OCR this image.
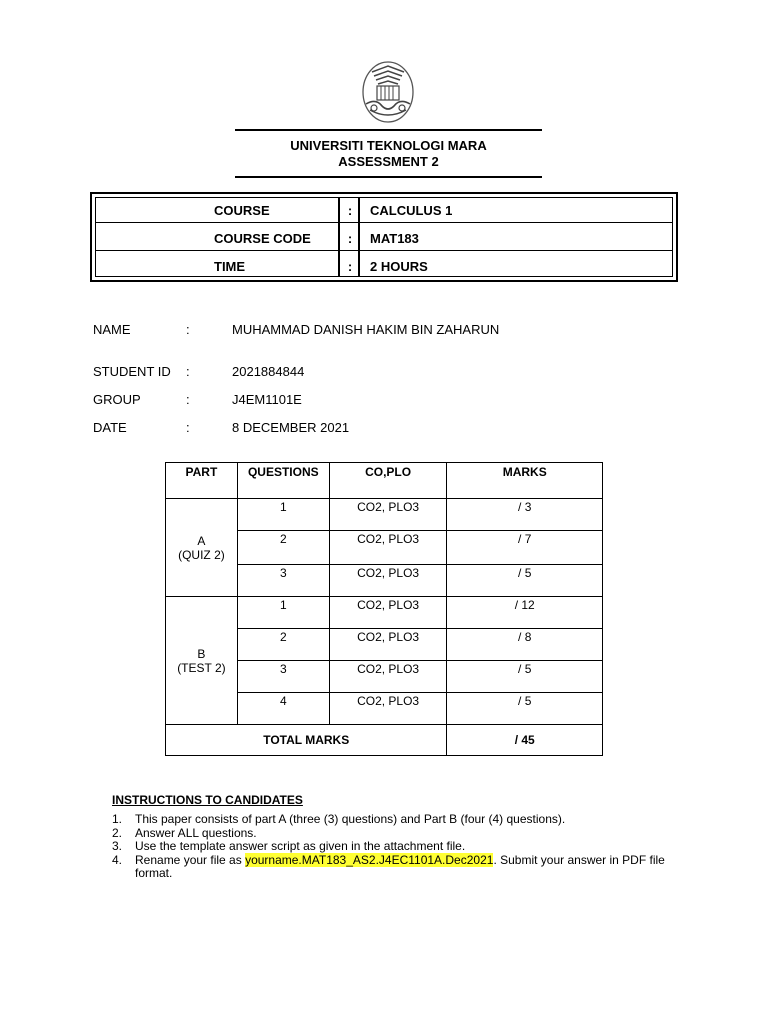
UNIVERSITI TEKNOLOGI MARA
ASSESSMENT 2
COURSE	: CALCULUS 1
COURSE CODE	: MAT183
TIME	: 2 HOURS
NAME	:	MUHAMMAD DANISH HAKIM BIN ZAHARUN
STUDENT ID :	2021884844
GROUP	:	J4EM1101E
DATE	:	8 DECEMBER 2021
PART	QUESTIONS	CO,PLO	MARKS

A
(QUIZ 2)	1	CO2, PLO3	/ 3
	2	CO2, PLO3	/ 7
	3	CO2, PLO3	/ 5

B
(TEST 2)	1	CO2, PLO3	/ 12
	2	CO2, PLO3	/ 8
	3	CO2, PLO3	/ 5
	4	CO2, PLO3	/ 5
TOTAL MARKS			/ 45
INSTRUCTIONS TO CANDIDATES
1. This paper consists of part A (three (3) questions) and Part B (four (4) questions).
2. Answer ALL questions.
3. Use the template answer script as given in the attachment file.
4. Rename your file as yourname.MAT183_AS2.J4EC1101A.Dec2021. Submit your answer in PDF file format.
